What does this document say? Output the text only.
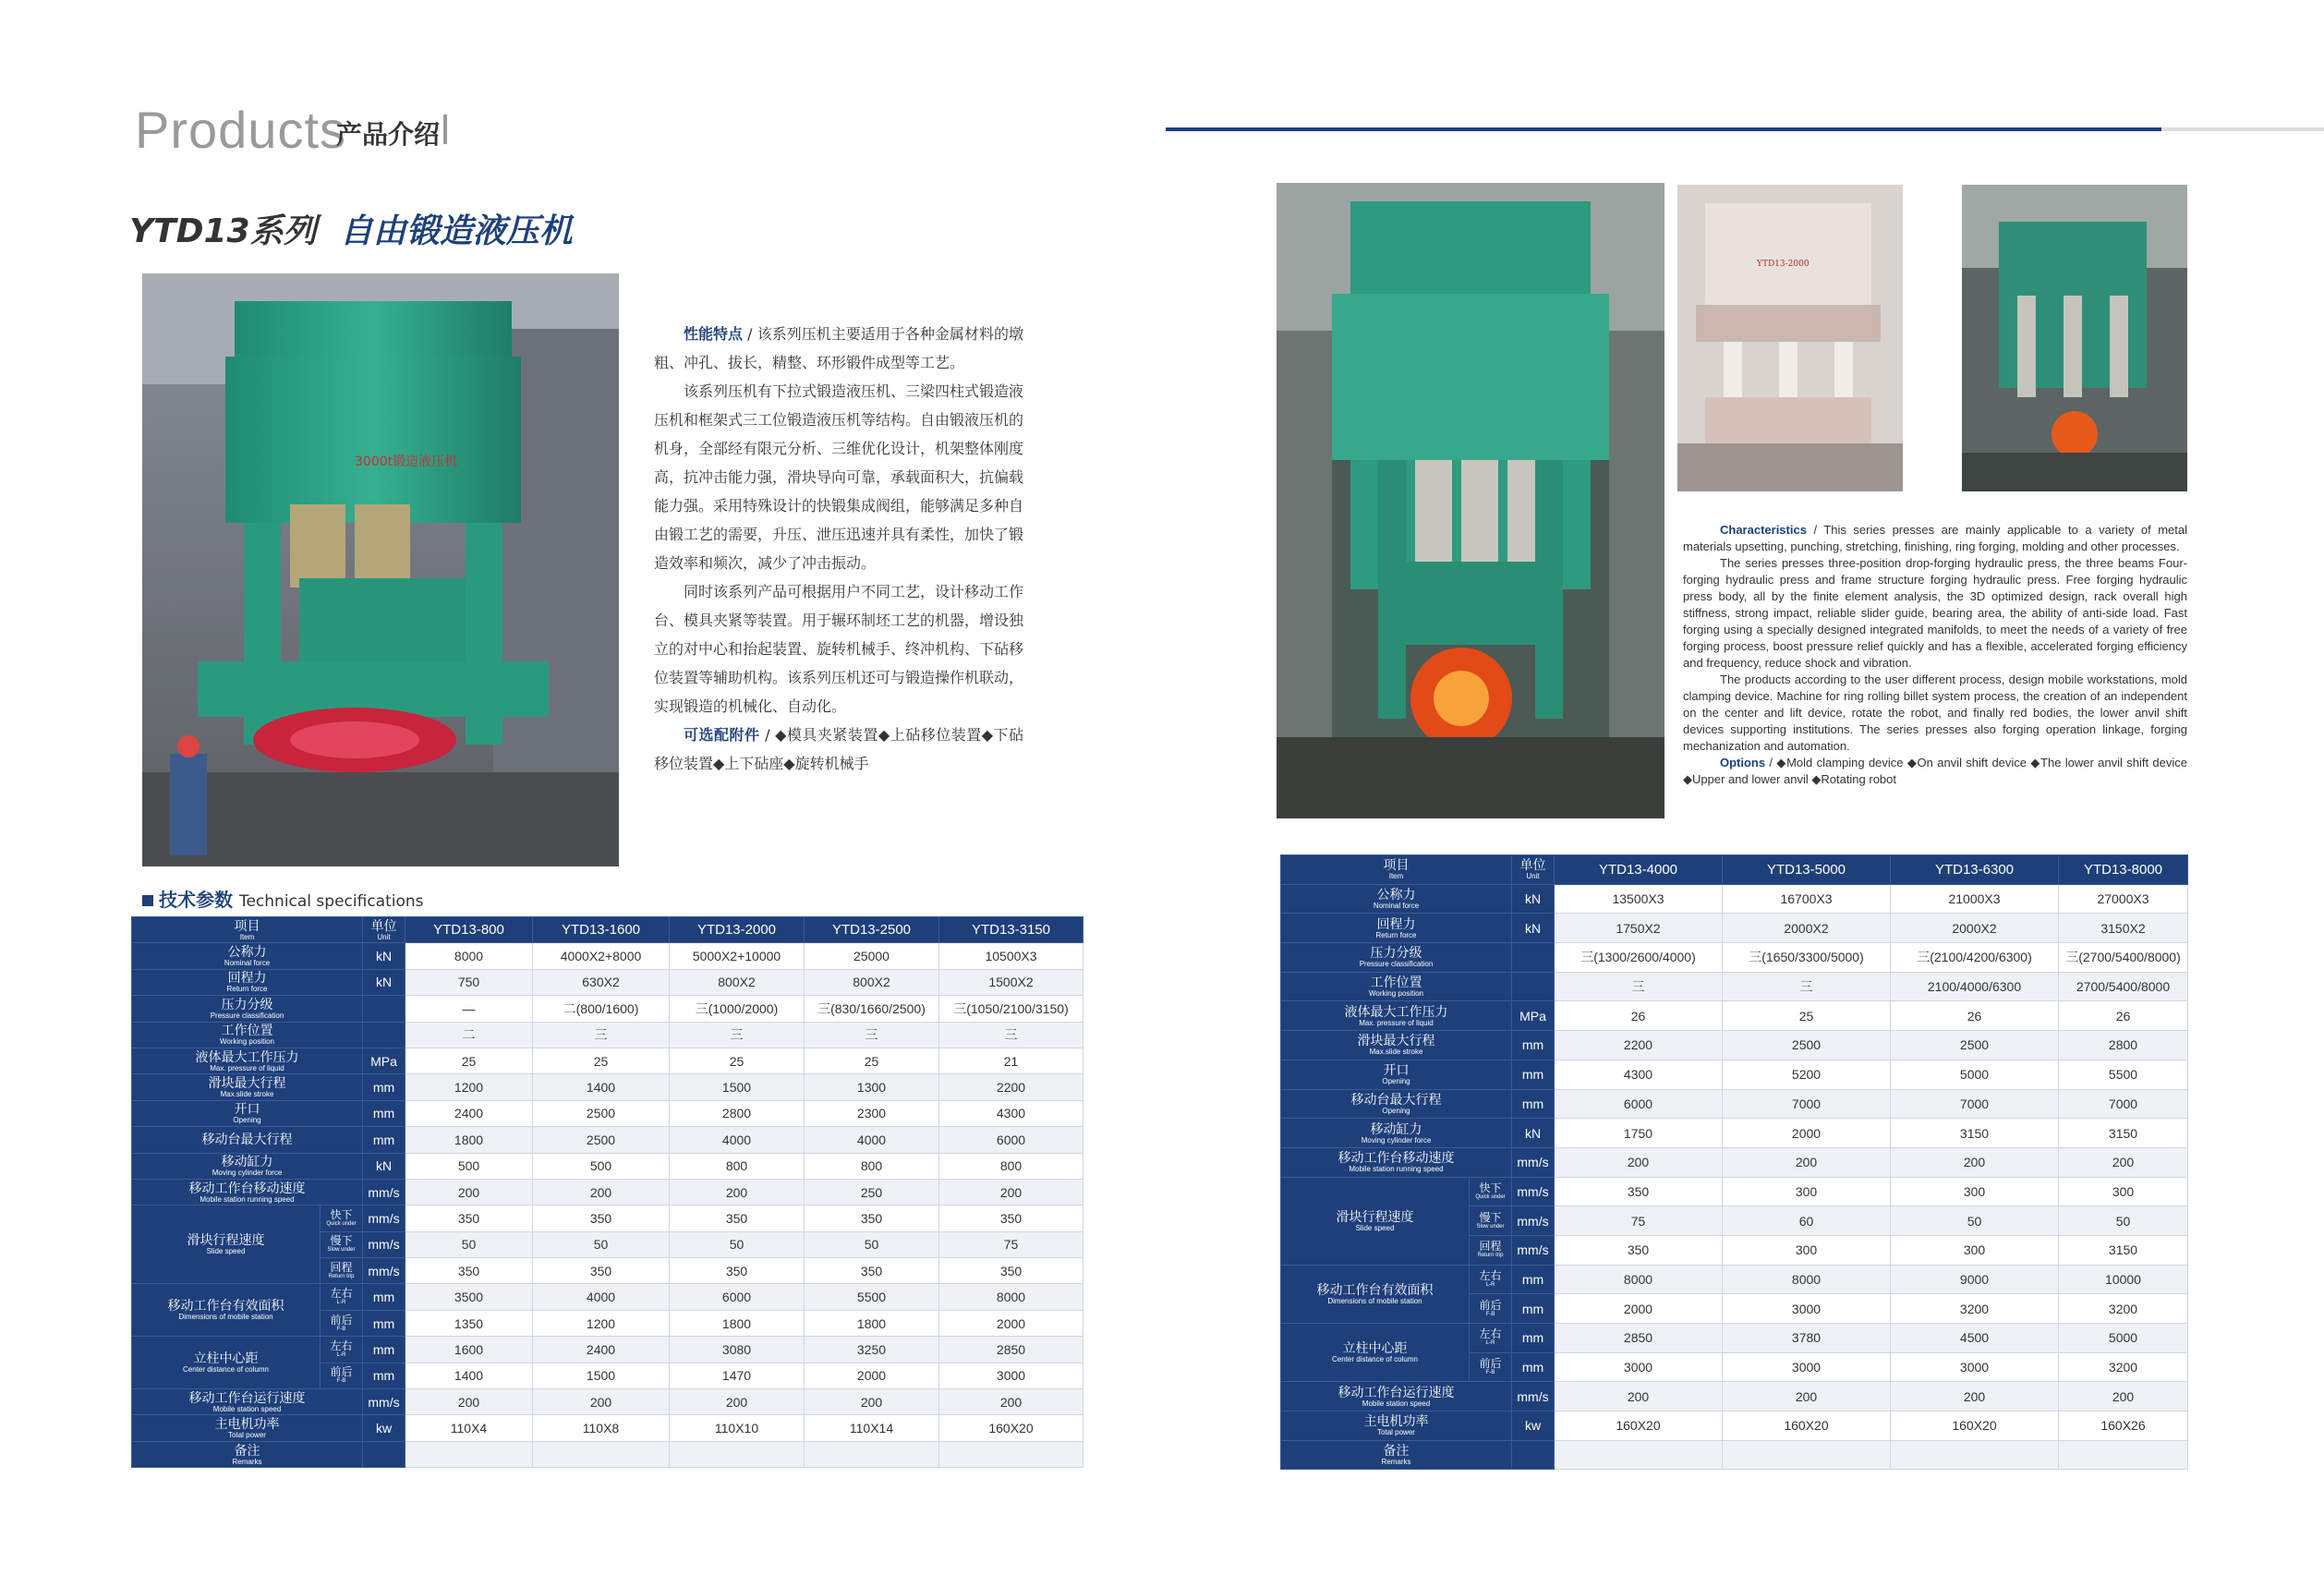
Products
产品介绍
YTD13系列 自由锻造液压机
3000t锻造液压机

性能特点 / 该系列压机主要适用于各种金属材料的墩粗、冲孔、拔长，精整、环形锻件成型等工艺。

该系列压机有下拉式锻造液压机、三梁四柱式锻造液压机和框架式三工位锻造液压机等结构。自由锻液压机的机身，全部经有限元分析、三维优化设计，机架整体刚度高，抗冲击能力强，滑块导向可靠，承载面积大，抗偏载能力强。采用特殊设计的快锻集成阀组，能够满足多种自由锻工艺的需要，升压、泄压迅速并具有柔性，加快了锻造效率和频次，减少了冲击振动。

同时该系列产品可根据用户不同工艺，设计移动工作台、模具夹紧等装置。用于辗环制坯工艺的机器，增设独立的对中心和抬起装置、旋转机械手、终冲机构、下砧移位装置等辅助机构。该系列压机还可与锻造操作机联动，实现锻造的机械化、自动化。

可选配附件 / ◆模具夹紧装置◆上砧移位装置◆下砧移位装置◆上下砧座◆旋转机械手

YTD13-2000

Characteristics / This series presses are mainly applicable to a variety of metal materials upsetting, punching, stretching, finishing, ring forging, molding and other processes.

The series presses three-position drop-forging hydraulic press, the three beams Four-forging hydraulic press and frame structure forging hydraulic press. Free forging hydraulic press body, all by the finite element analysis, the 3D optimized design, rack overall high stiffness, strong impact, reliable slider guide, bearing area, the ability of anti-side load. Fast forging using a specially designed integrated manifolds, to meet the needs of a variety of free forging process, boost pressure relief quickly and has a flexible, accelerated forging efficiency and frequency, reduce shock and vibration.

The products according to the user different process, design mobile workstations, mold clamping device. Machine for ring rolling billet system process, the creation of an independent on the center and lift device, rotate the robot, and finally red bodies, the lower anvil shift devices supporting institutions. The series presses also forging operation linkage, forging mechanization and automation.

Options / ◆Mold clamping device ◆On anvil shift device ◆The lower anvil shift device ◆Upper and lower anvil ◆Rotating robot

技术参数 Technical specifications
项目
Item		单位
Unit	YTD13-800	YTD13-1600	YTD13-2000	YTD13-2500	YTD13-3150

公称力
Nominal force		kN	8000	4000X2+8000	5000X2+10000	25000	10500X3

回程力
Return force		kN	750	630X2	800X2	800X2	1500X2

压力分级
Pressure classification			—	二(800/1600)	三(1000/2000)	三(830/1660/2500)	三(1050/2100/3150)

工作位置
Working position			二	三	三	三	三

液体最大工作压力
Max. pressure of liquid		MPa	25	25	25	25	21

滑块最大行程
Max.slide stroke		mm	1200	1400	1500	1300	2200

开口
Opening		mm	2400	2500	2800	2300	4300

移动台最大行程		mm	1800	2500	4000	4000	6000

移动缸力
Moving cylinder force		kN	500	500	800	800	800

移动工作台移动速度
Mobile station running speed		mm/s	200	200	200	250	200

滑块行程速度
Slide speed	快下
Quick under	mm/s	350	350	350	350	350

	慢下
Slow under	mm/s	50	50	50	50	75

	回程
Return trip	mm/s	350	350	350	350	350

移动工作台有效面积
Dimensions of mobile station	左右
L-R	mm	3500	4000	6000	5500	8000

	前后
F-B	mm	1350	1200	1800	1800	2000

立柱中心距
Center distance of column	左右
L-R	mm	1600	2400	3080	3250	2850

	前后
F-B	mm	1400	1500	1470	2000	3000

移动工作台运行速度
Mobile station speed		mm/s	200	200	200	200	200

主电机功率
Total power		kw	110X4	110X8	110X10	110X14	160X20

备注
Remarks							

项目
Item		单位
Unit	YTD13-4000	YTD13-5000	YTD13-6300	YTD13-8000

公称力
Nominal force		kN	13500X3	16700X3	21000X3	27000X3

回程力
Return force		kN	1750X2	2000X2	2000X2	3150X2

压力分级
Pressure classification			三(1300/2600/4000)	三(1650/3300/5000)	三(2100/4200/6300)	三(2700/5400/8000)

工作位置
Working position			三	三	2100/4000/6300	2700/5400/8000

液体最大工作压力
Max. pressure of liquid		MPa	26	25	26	26

滑块最大行程
Max.slide stroke		mm	2200	2500	2500	2800

开口
Opening		mm	4300	5200	5000	5500

移动台最大行程
Opening		mm	6000	7000	7000	7000

移动缸力
Moving cylinder force		kN	1750	2000	3150	3150

移动工作台移动速度
Mobile station running speed		mm/s	200	200	200	200

滑块行程速度
Slide speed	快下
Quick under	mm/s	350	300	300	300

	慢下
Slow under	mm/s	75	60	50	50

	回程
Return trip	mm/s	350	300	300	3150

移动工作台有效面积
Dimensions of mobile station	左右
L-R	mm	8000	8000	9000	10000

	前后
F-B	mm	2000	3000	3200	3200

立柱中心距
Center distance of column	左右
L-R	mm	2850	3780	4500	5000

	前后
F-B	mm	3000	3000	3000	3200

移动工作台运行速度
Mobile station speed		mm/s	200	200	200	200

主电机功率
Total power		kw	160X20	160X20	160X20	160X26

备注
Remarks						
